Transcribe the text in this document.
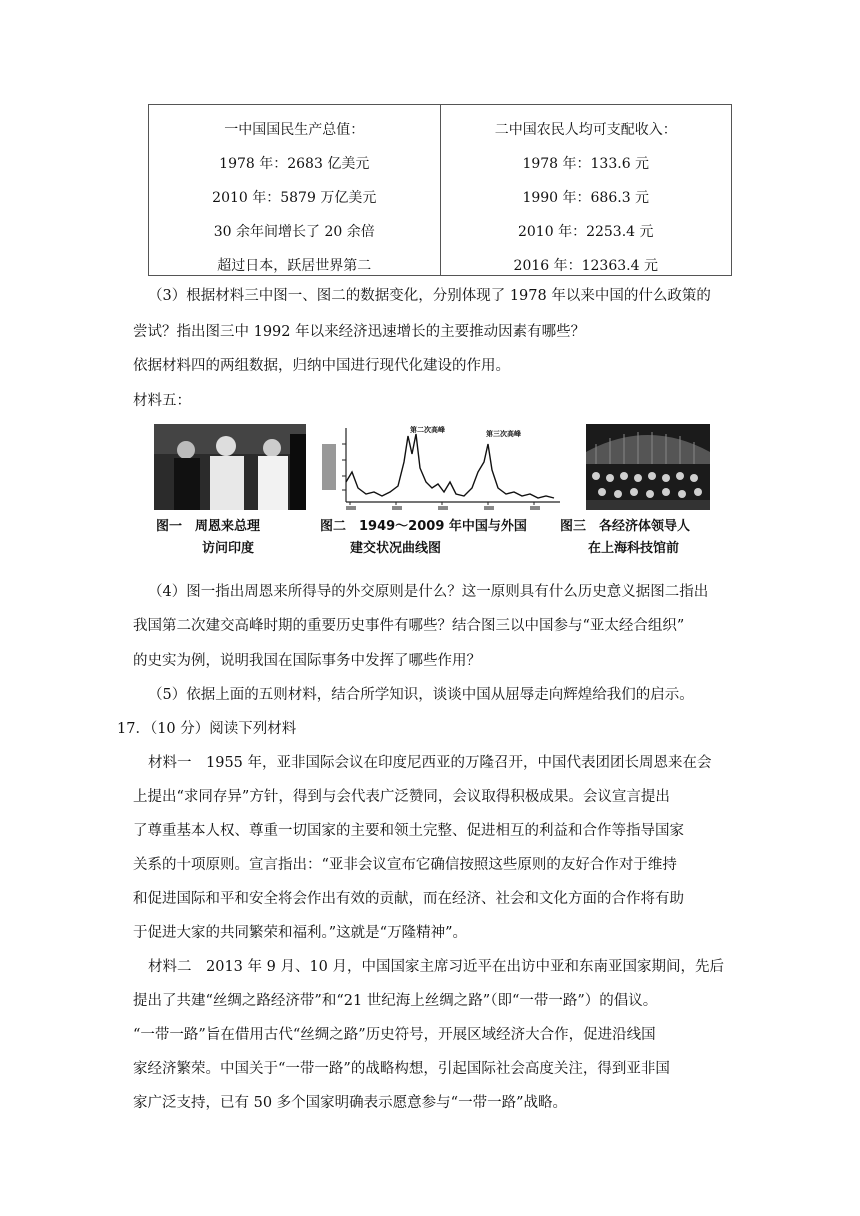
一中国国民生产总值：
1978 年：2683 亿美元
2010 年：5879 万亿美元
30 余年间增长了 20 余倍
超过日本，跃居世界第二
二中国农民人均可支配收入：
1978 年：133.6 元
1990 年：686.3 元
2010 年：2253.4 元
2016 年：12363.4 元
（3）根据材料三中图一、图二的数据变化，分别体现了 1978 年以来中国的什么政策的
尝试？指出图三中 1992 年以来经济迅速增长的主要推动因素有哪些？
依据材料四的两组数据，归纳中国进行现代化建设的作用。
材料五：
第二次高峰	第三次高峰
图一　周恩来总理
访问印度
图二　1949～2009 年中国与外国
建交状况曲线图
图三　各经济体领导人
在上海科技馆前
（4）图一指出周恩来所得导的外交原则是什么？这一原则具有什么历史意义据图二指出
我国第二次建交高峰时期的重要历史事件有哪些？结合图三以中国参与“亚太经合组织”
的史实为例，说明我国在国际事务中发挥了哪些作用？
（5）依据上面的五则材料，结合所学知识，谈谈中国从屈辱走向辉煌给我们的启示。
17．（10 分）阅读下列材料
材料一　1955 年，亚非国际会议在印度尼西亚的万隆召开，中国代表团团长周恩来在会
上提出“求同存异”方针，得到与会代表广泛赞同，会议取得积极成果。会议宣言提出
了尊重基本人权、尊重一切国家的主要和领土完整、促进相互的利益和合作等指导国家
关系的十项原则。宣言指出：“亚非会议宣布它确信按照这些原则的友好合作对于维持
和促进国际和平和安全将会作出有效的贡献，而在经济、社会和文化方面的合作将有助
于促进大家的共同繁荣和福利。”这就是“万隆精神”。
材料二　2013 年 9 月、10 月，中国国家主席习近平在出访中亚和东南亚国家期间，先后
提出了共建“丝绸之路经济带”和“21 世纪海上丝绸之路”（即“一带一路”）的倡议。
“一带一路”旨在借用古代“丝绸之路”历史符号，开展区域经济大合作，促进沿线国
家经济繁荣。中国关于“一带一路”的战略构想，引起国际社会高度关注，得到亚非国
家广泛支持，已有 50 多个国家明确表示愿意参与“一带一路”战略。
